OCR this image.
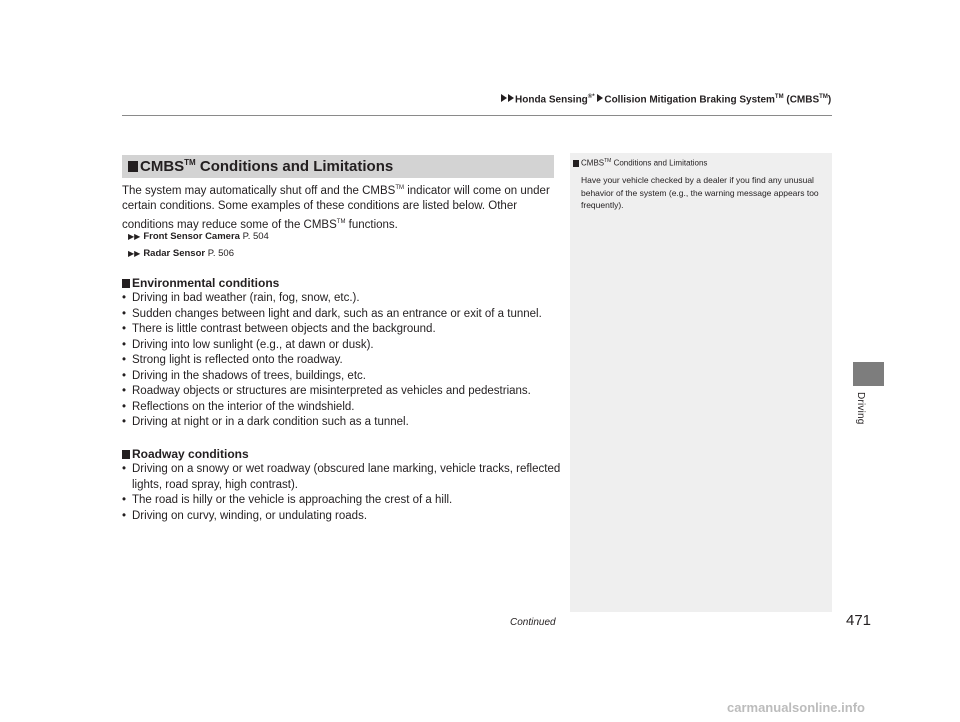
Honda Sensing®* Collision Mitigation Braking System™ (CMBS™)
Driving
CMBS™ Conditions and Limitations
The system may automatically shut off and the CMBS™ indicator will come on under certain conditions. Some examples of these conditions are listed below. Other conditions may reduce some of the CMBS™ functions.
▶▶ Front Sensor Camera P. 504
▶▶ Radar Sensor P. 506
Environmental conditions
• Driving in bad weather (rain, fog, snow, etc.).
• Sudden changes between light and dark, such as an entrance or exit of a tunnel.
• There is little contrast between objects and the background.
• Driving into low sunlight (e.g., at dawn or dusk).
• Strong light is reflected onto the roadway.
• Driving in the shadows of trees, buildings, etc.
• Roadway objects or structures are misinterpreted as vehicles and pedestrians.
• Reflections on the interior of the windshield.
• Driving at night or in a dark condition such as a tunnel.
Roadway conditions
• Driving on a snowy or wet roadway (obscured lane marking, vehicle tracks, reflected lights, road spray, high contrast).
• The road is hilly or the vehicle is approaching the crest of a hill.
• Driving on curvy, winding, or undulating roads.
CMBS™ Conditions and Limitations
Have your vehicle checked by a dealer if you find any unusual behavior of the system (e.g., the warning message appears too frequently).
Continued	471
carmanualsonline.info
